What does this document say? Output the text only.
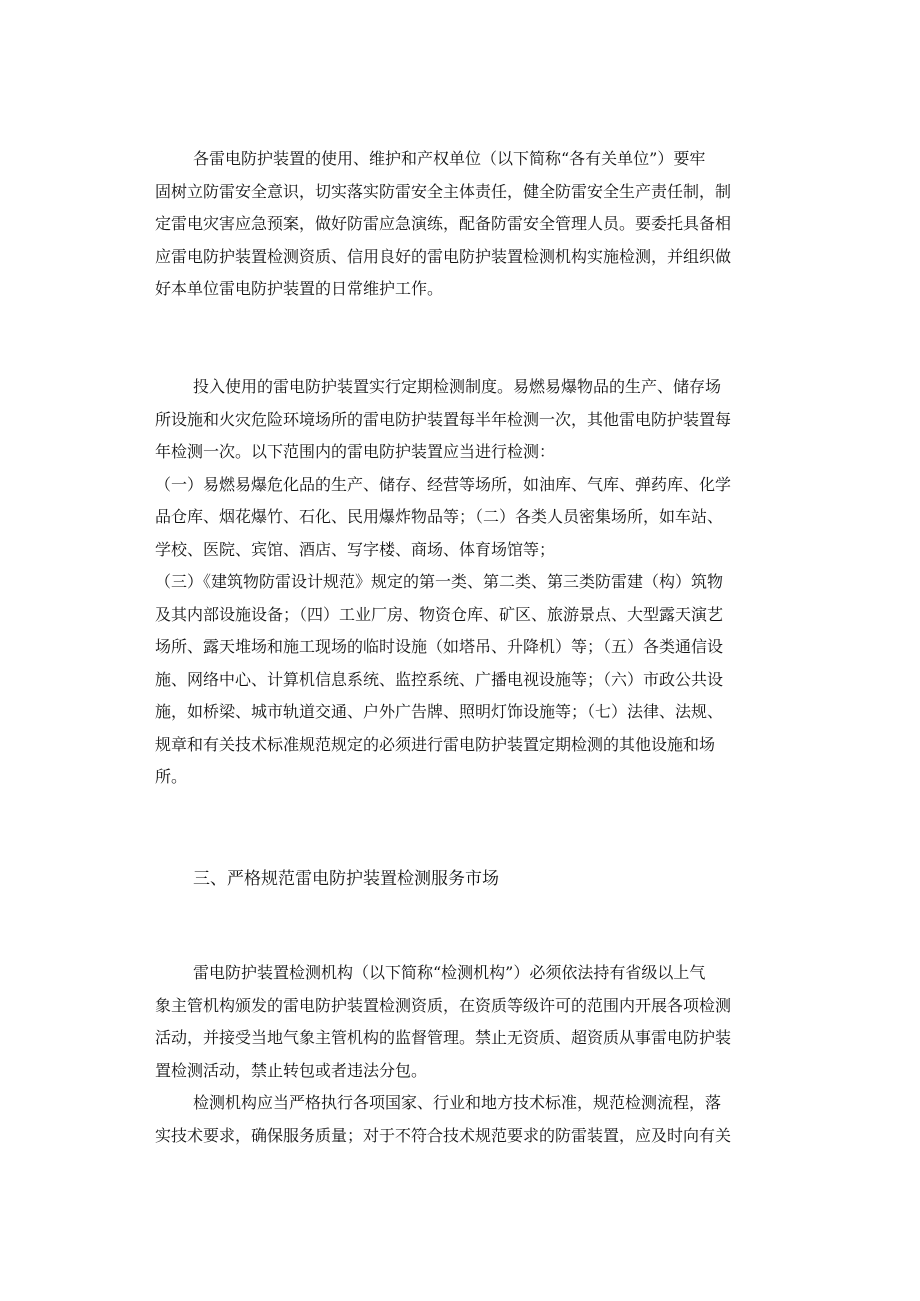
各雷电防护装置的使用、维护和产权单位（以下简称“各有关单位”）要牢
固树立防雷安全意识，切实落实防雷安全主体责任，健全防雷安全生产责任制，制
定雷电灾害应急预案，做好防雷应急演练，配备防雷安全管理人员。要委托具备相
应雷电防护装置检测资质、信用良好的雷电防护装置检测机构实施检测，并组织做
好本单位雷电防护装置的日常维护工作。
投入使用的雷电防护装置实行定期检测制度。易燃易爆物品的生产、储存场
所设施和火灾危险环境场所的雷电防护装置每半年检测一次，其他雷电防护装置每
年检测一次。以下范围内的雷电防护装置应当进行检测：
（一）易燃易爆危化品的生产、储存、经营等场所，如油库、气库、弹药库、化学
品仓库、烟花爆竹、石化、民用爆炸物品等；（二）各类人员密集场所，如车站、
学校、医院、宾馆、酒店、写字楼、商场、体育场馆等；
（三）《建筑物防雷设计规范》规定的第一类、第二类、第三类防雷建（构）筑物
及其内部设施设备；（四）工业厂房、物资仓库、矿区、旅游景点、大型露天演艺
场所、露天堆场和施工现场的临时设施（如塔吊、升降机）等；（五）各类通信设
施、网络中心、计算机信息系统、监控系统、广播电视设施等；（六）市政公共设
施，如桥梁、城市轨道交通、户外广告牌、照明灯饰设施等；（七）法律、法规、
规章和有关技术标准规范规定的必须进行雷电防护装置定期检测的其他设施和场
所。
三、严格规范雷电防护装置检测服务市场
雷电防护装置检测机构（以下简称“检测机构”）必须依法持有省级以上气
象主管机构颁发的雷电防护装置检测资质，在资质等级许可的范围内开展各项检测
活动，并接受当地气象主管机构的监督管理。禁止无资质、超资质从事雷电防护装
置检测活动，禁止转包或者违法分包。
检测机构应当严格执行各项国家、行业和地方技术标准，规范检测流程，落
实技术要求，确保服务质量；对于不符合技术规范要求的防雷装置，应及时向有关
